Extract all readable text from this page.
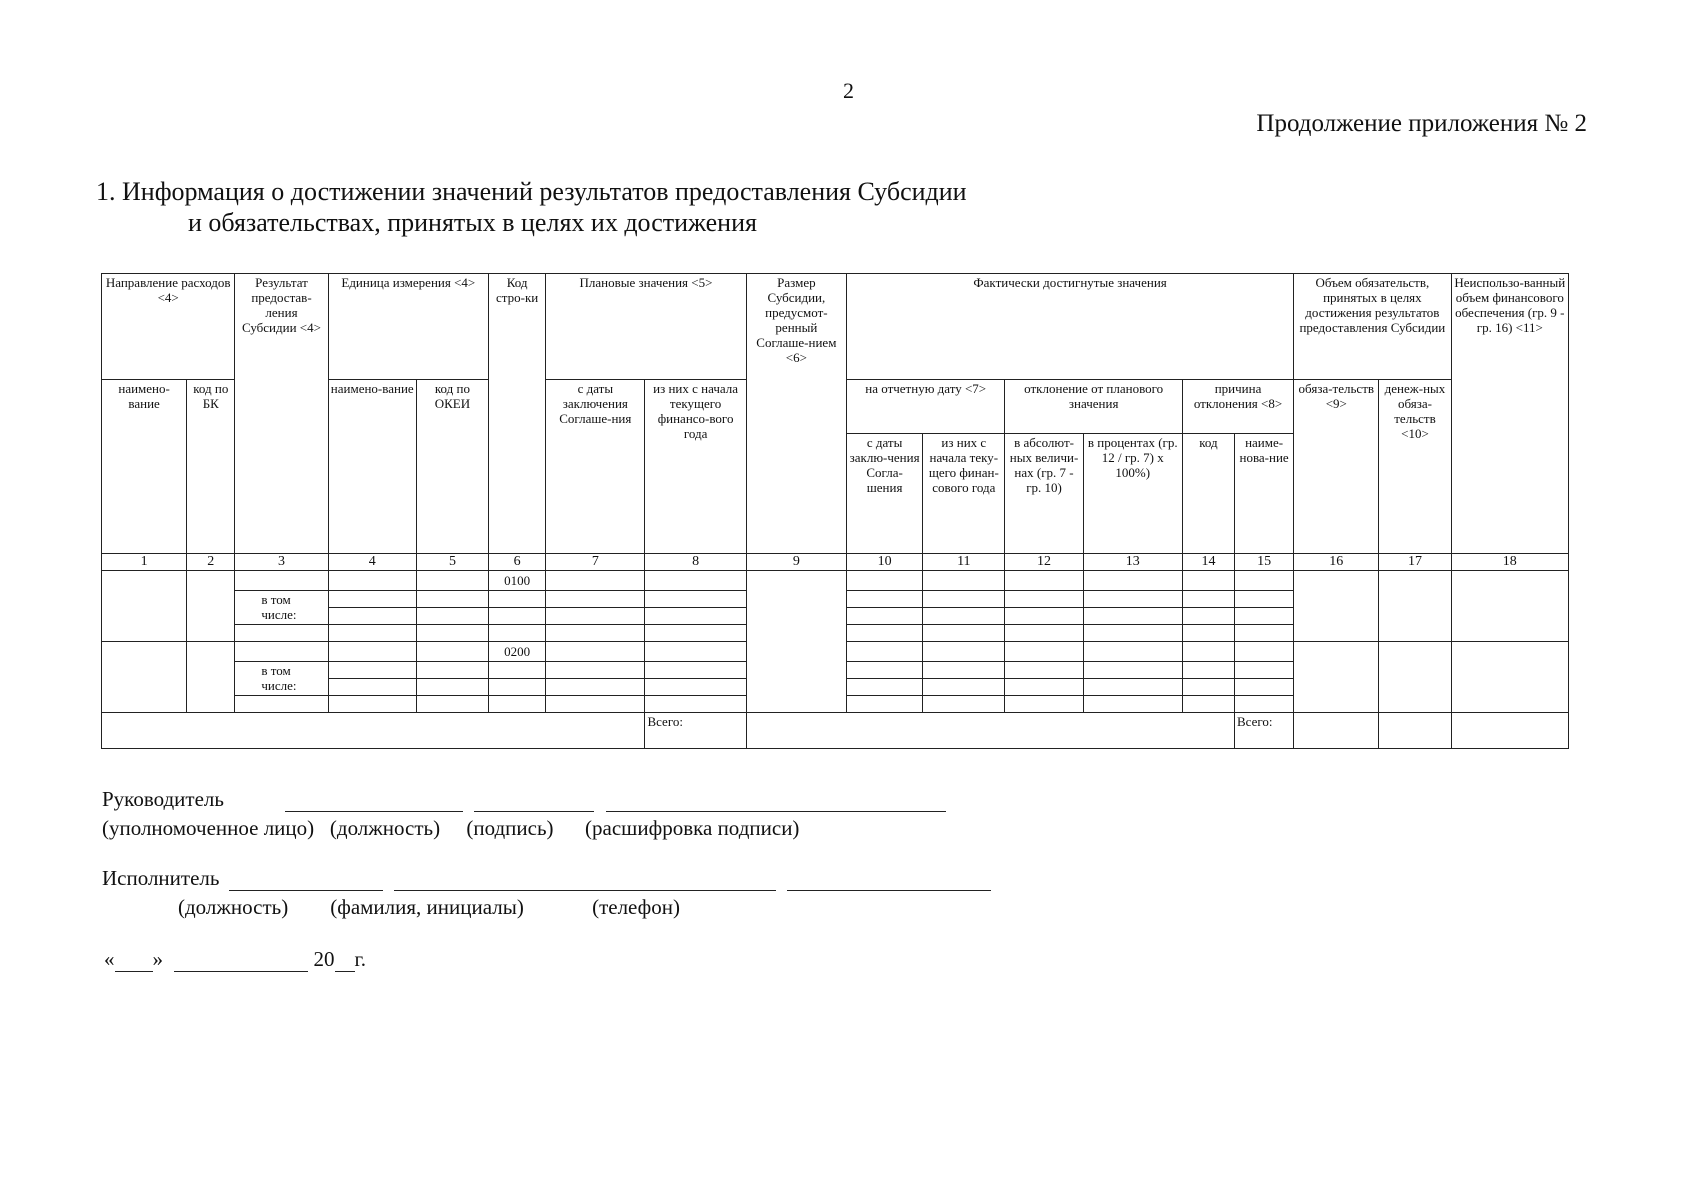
2
Продолжение приложения № 2
1. Информация о достижении значений результатов предоставления Субсидии
и обязательствах, принятых в целях их достижения
Направление расходов <4>		Результат предостав-ления Субсидии <4>	Единица измерения <4>		Код стро-ки	Плановые значения <5>		Размер Субсидии, предусмот-ренный Соглаше-нием <6>	Фактически достигнутые значения						Объем обязательств, принятых в целях достижения результатов предоставления Субсидии		Неиспользо-ванный объем финансового обеспечения (гр. 9 - гр. 16) <11>
наимено-вание	код по БК		наимено-вание	код по ОКЕИ		с даты заключения Соглаше-ния	из них с начала текущего финансо-вого года		на отчетную дату <7>		отклонение от планового значения		причина отклонения <8>		обяза-тельств <9>	денеж-ных обяза-тельств <10>	
									с даты заклю-чения Согла-шения	из них с начала теку-щего финан-сового года	в абсолют-ных величи-нах (гр. 7 - гр. 10)	в процентах (гр. 12 / гр. 7) х 100%)	код	наиме-нова-ние			
1	2	3	4	5	6	7	8	9	10	11	12	13	14	15	16	17	18
					0100												
		в том числе:															

					0200												
		в том числе:															

							Всего:							Всего:			
Руководитель
(уполномоченное лицо)   (должность)     (подпись)      (расшифровка подписи)
Исполнитель
(должность)        (фамилия, инициалы)             (телефон)
« »	20 г.
